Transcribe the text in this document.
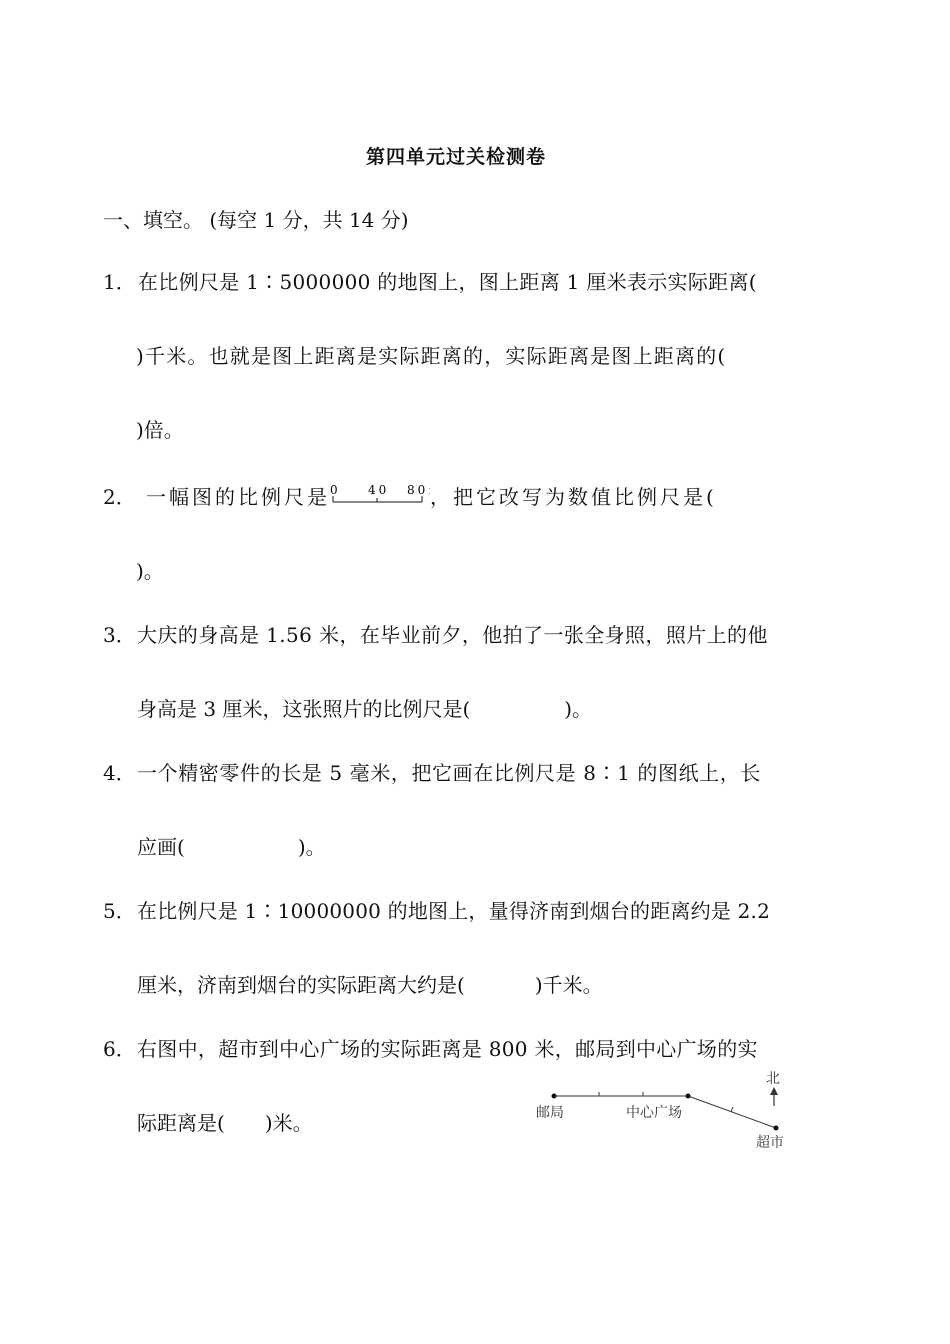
第四单元过关检测卷
一、填空。 (每空 1 分，共 14 分)
1． 在比例尺是 1∶5000000 的地图上，图上距离 1 厘米表示实际距离(
)千米。也就是图上距离是实际距离的，实际距离是图上距离的(
)倍。
2． 一幅图的比例尺是 0 40 80 ，把它改写为数值比例尺是(
)。
3． 大庆的身高是 1.56 米，在毕业前夕，他拍了一张全身照，照片上的他
身高是 3 厘米，这张照片的比例尺是(	)。
4． 一个精密零件的长是 5 毫米，把它画在比例尺是 8∶1 的图纸上，长
应画(	)。
5． 在比例尺是 1∶10000000 的地图上，量得济南到烟台的距离约是 2.2
厘米，济南到烟台的实际距离大约是(	)千米。
6． 右图中，超市到中心广场的实际距离是 800 米，邮局到中心广场的实
际距离是( )米。
北
邮局	中心广场
超市
